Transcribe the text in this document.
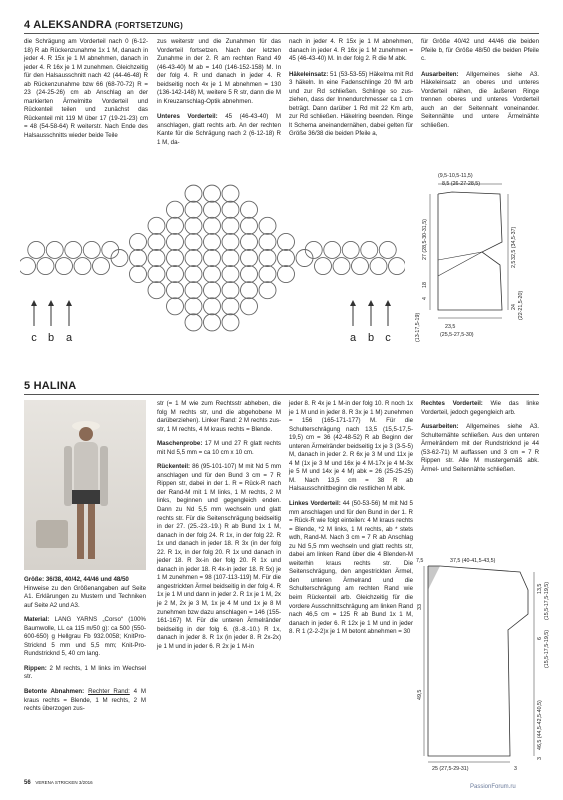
4 ALEKSANDRA (FORTSETZUNG)

die Schrägung am Vorderteil nach 0 (6-12-18) R ab Rückenzunahme 1x 1 M, danach in jeder 4. R 15x je 1 M abnehmen, danach in jeder 4. R 16x je 1 M zunehmen. Gleichzeitig für den Halsausschnitt nach 42 (44-46-48) R ab Rückenzunahme bzw 66 (68-70-72) R = 23 (24-25-26) cm ab Anschlag an der markierten Ärmelmitte Vorderteil und Rückenteil teilen und zunächst das Rückenteil mit 119 M über 17 (19-21-23) cm = 48 (54-58-64) R weiterstr. Nach Ende des Halsausschnitts wieder beide Teile

zus weiterstr und die Zunahmen für das Vorderteil fortsetzen. Nach der letzten Zunahme in der 2. R am rechten Rand 49 (46-43-40) M ab = 140 (146-152-158) M. In der folg 4. R und danach in jeder 4. R beidseitig noch 4x je 1 M abnehmen = 130 (136-142-148) M, weitere 5 R str, dann die M in Kreuzanschlag-Optik abnehmen.

Unteres Vorderteil: 45 (46-43-40) M anschlagen, glatt rechts arb. An der rechten Kante für die Schrägung nach 2 (6-12-18) R 1 M, da-

nach in jeder 4. R 15x je 1 M abnehmen, danach in jeder 4. R 16x je 1 M zunehmen = 45 (46-43-40) M. In der folg 2. R die M abk.

Häkeleinsatz: 51 (53-53-55) Häkelma mit Rd 3 häkeln. In eine Fadenschlinge 20 fM arb und zur Rd schließen. Schlinge so zus-ziehen, dass der Innendurchmesser ca 1 cm beträgt. Dann darüber 1 Rd mit 22 Km arb, zur Rd schließen. Häkelring beenden. Ringe lt Schema aneinandernähen, dabei gelten für Größe 36/38 die beiden Pfeile a,

für Größe 40/42 und 44/46 die beiden Pfeile b, für Größe 48/50 die beiden Pfeile c.

Ausarbeiten: Allgemeines siehe A3. Häkeleinsatz an oberes und unteres Vorderteil nähen, die äußeren Ringe trennen oberes und unteres Vorderteil auch an der Seitennaht voneinander. Seitennähte und untere Ärmelnähte schließen.

c b a	a b c
(9,5-10,5-11,5)
8,5 (26-27-28,5)
23,5
(25,5-27,5-30)
27 (28,5-30-31,5)
18
4
(13-17,5-19)
32,5 (34,5-37)
2,5
24 (22-21,5-20)
5 HALINA

Größe: 36/38, 40/42, 44/46 und 48/50

Hinweise zu den Größenangaben auf Seite A1. Erklärungen zu Mustern und Techniken auf Seite A2 und A3.

Material: LANG YARNS „Corso“ (100% Baumwolle, LL ca 115 m/50 g): ca 500 (550-600-650) g Hellgrau Fb 932.0058; KnitPro-Stricknd 5 mm und 5,5 mm; Knit-Pro-Rundstricknd 5, 40 cm lang.

Rippen: 2 M rechts, 1 M links im Wechsel str.

Betonte Abnahmen: Rechter Rand: 4 M kraus rechts = Blende, 1 M rechts, 2 M rechts überzogen zus-

str (= 1 M wie zum Rechtsstr abheben, die folg M rechts str, und die abgehobene M darüberziehen). Linker Rand: 2 M rechts zus-str, 1 M rechts, 4 M kraus rechts = Blende.

Maschenprobe: 17 M und 27 R glatt rechts mit Nd 5,5 mm = ca 10 cm x 10 cm.

Rückenteil: 86 (95-101-107) M mit Nd 5 mm anschlagen und für den Bund 3 cm = 7 R Rippen str, dabei in der 1. R = Rück-R nach der Rand-M mit 1 M links, 1 M rechts, 2 M links, beginnen und gegengleich enden. Dann zu Nd 5,5 mm wechseln und glatt rechts str. Für die Seitenschrägung beidseitig in der 27. (25.-23.-19.) R ab Bund 1x 1 M, danach in der folg 24. R 1x, in der folg 22. R 1x und danach in jeder 18. R 3x (in der folg 22. R 1x, in der folg 20. R 1x und danach in jeder 18. R 3x-in der folg 20. R 1x und danach in jeder 18. R 4x-in jeder 18. R 5x) je 1 M zunehmen = 98 (107-113-119) M. Für die angestrickten Ärmel beidseitig in der folg 4. R 1x je 1 M und dann in jeder 2. R 1x je 1 M, 2x je 2 M, 2x je 3 M, 1x je 4 M und 1x je 8 M zunehmen bzw dazu anschlagen = 146 (155-161-167) M. Für die unteren Ärmelränder beidseitig in der folg 6. (8.-8.-10.) R 1x, danach in jeder 8. R 1x (in jeder 8. R 2x-2x) je 1 M und in jeder 6. R 2x je 1 M-in

jeder 8. R 4x je 1 M-in der folg 10. R noch 1x je 1 M und in jeder 8. R 3x je 1 M) zunehmen = 156 (165-171-177) M. Für die Schulterschrägung nach 13,5 (15,5-17,5-19,5) cm = 36 (42-48-52) R ab Beginn der unteren Ärmelränder beidseitig 1x je 3 (3-5-5) M, danach in jeder 2. R 6x je 3 M und 11x je 4 M (1x je 3 M und 16x je 4 M-17x je 4 M-3x je 5 M und 14x je 4 M) abk = 26 (25-25-25) M. Nach 13,5 cm = 38 R ab Halsausschnittbeginn die restlichen M abk.

Linkes Vorderteil: 44 (50-53-56) M mit Nd 5 mm anschlagen und für den Bund in der 1. R = Rück-R wie folgt einteilen: 4 M kraus rechts = Blende, *2 M links, 1 M rechts, ab * stets wdh, Rand-M. Nach 3 cm = 7 R ab Anschlag zu Nd 5,5 mm wechseln und glatt rechts str, dabei am linken Rand über die 4 Blenden-M weiterhin kraus rechts str. Die Seitenschrägung, den angestrickten Ärmel, den unteren Ärmelrand und die Schulterschrägung am rechten Rand wie beim Rückenteil arb. Gleichzeitig für die vordere Ausschnittschrägung am linken Rand nach 46,5 cm = 125 R ab Bund 1x 1 M, danach in jeder 6. R 12x je 1 M und in jeder 8. R 1 (2-2-2)x je 1 M betont abnehmen = 30

Rechtes Vorderteil: Wie das linke Vorderteil, jedoch gegengleich arb.

Ausarbeiten: Allgemeines siehe A3. Schulternähte schließen. Aus den unteren Ärmelrändern mit der Rundstricknd je 44 (53-62-71) M auffassen und 3 cm = 7 R Rippen str. Alle M mustergemäß abk. Ärmel- und Seitennähte schließen.

7,5	37,5 (40-41,5-43,5)
33
49,5
13,5 (15,5-17,5-19,5)
6 (15,5-17,5-19,5)
46,5 (44,5-42,5-40,5)
3
25 (27,5-29-31)	3
56 VERENA STRICKEN 3/2016
PassionForum.ru
